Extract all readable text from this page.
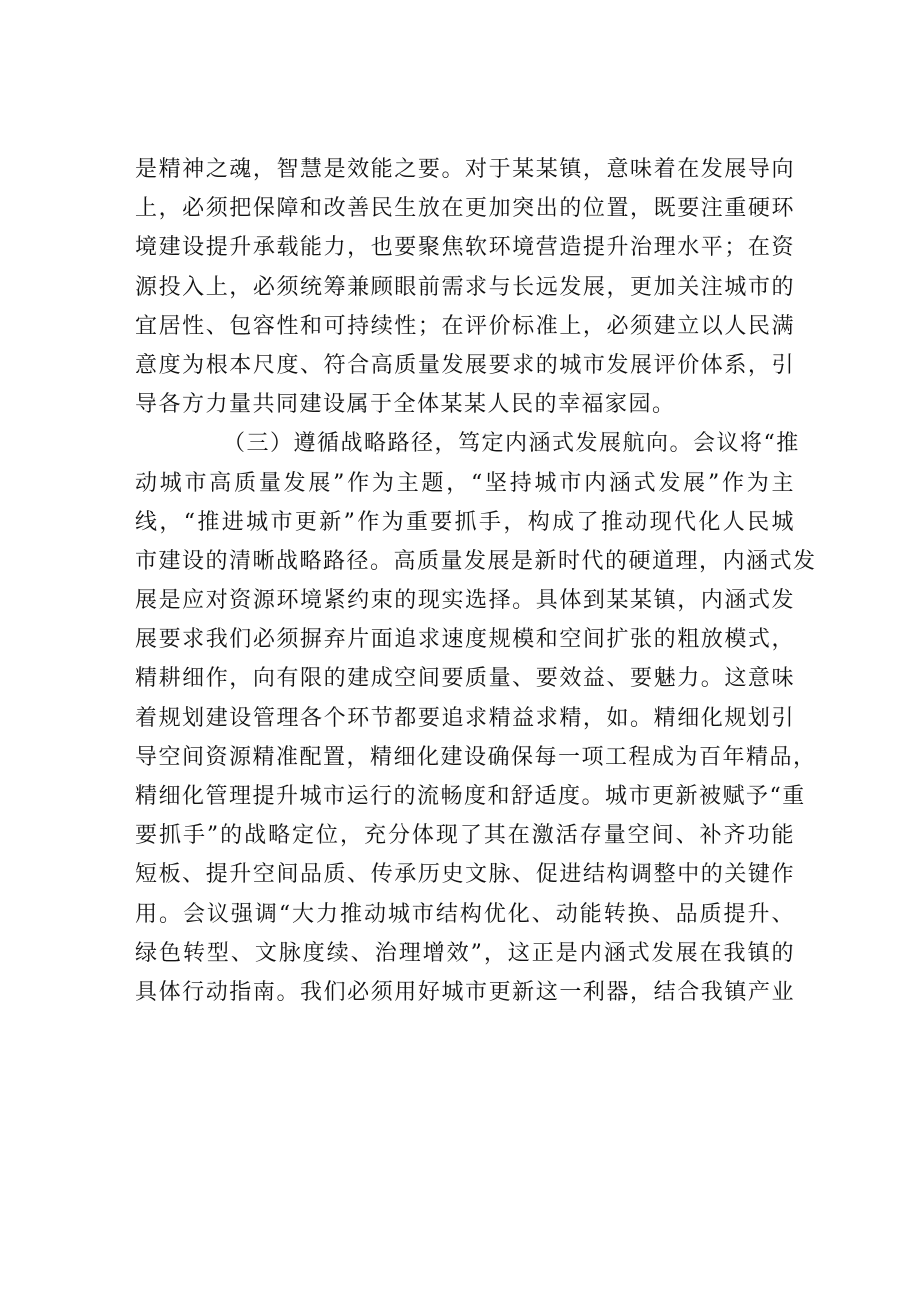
是精神之魂，智慧是效能之要。对于某某镇，意味着在发展导向
上，必须把保障和改善民生放在更加突出的位置，既要注重硬环
境建设提升承载能力，也要聚焦软环境营造提升治理水平；在资
源投入上，必须统筹兼顾眼前需求与长远发展，更加关注城市的
宜居性、包容性和可持续性；在评价标准上，必须建立以人民满
意度为根本尺度、符合高质量发展要求的城市发展评价体系，引
导各方力量共同建设属于全体某某人民的幸福家园。
（三）遵循战略路径，笃定内涵式发展航向。会议将“推
动城市高质量发展”作为主题，“坚持城市内涵式发展”作为主
线，“推进城市更新”作为重要抓手，构成了推动现代化人民城
市建设的清晰战略路径。高质量发展是新时代的硬道理，内涵式发
展是应对资源环境紧约束的现实选择。具体到某某镇，内涵式发
展要求我们必须摒弃片面追求速度规模和空间扩张的粗放模式，
精耕细作，向有限的建成空间要质量、要效益、要魅力。这意味
着规划建设管理各个环节都要追求精益求精，如。精细化规划引
导空间资源精准配置，精细化建设确保每一项工程成为百年精品，
精细化管理提升城市运行的流畅度和舒适度。城市更新被赋予“重
要抓手”的战略定位，充分体现了其在激活存量空间、补齐功能
短板、提升空间品质、传承历史文脉、促进结构调整中的关键作
用。会议强调“大力推动城市结构优化、动能转换、品质提升、
绿色转型、文脉度续、治理增效”，这正是内涵式发展在我镇的
具体行动指南。我们必须用好城市更新这一利器，结合我镇产业
